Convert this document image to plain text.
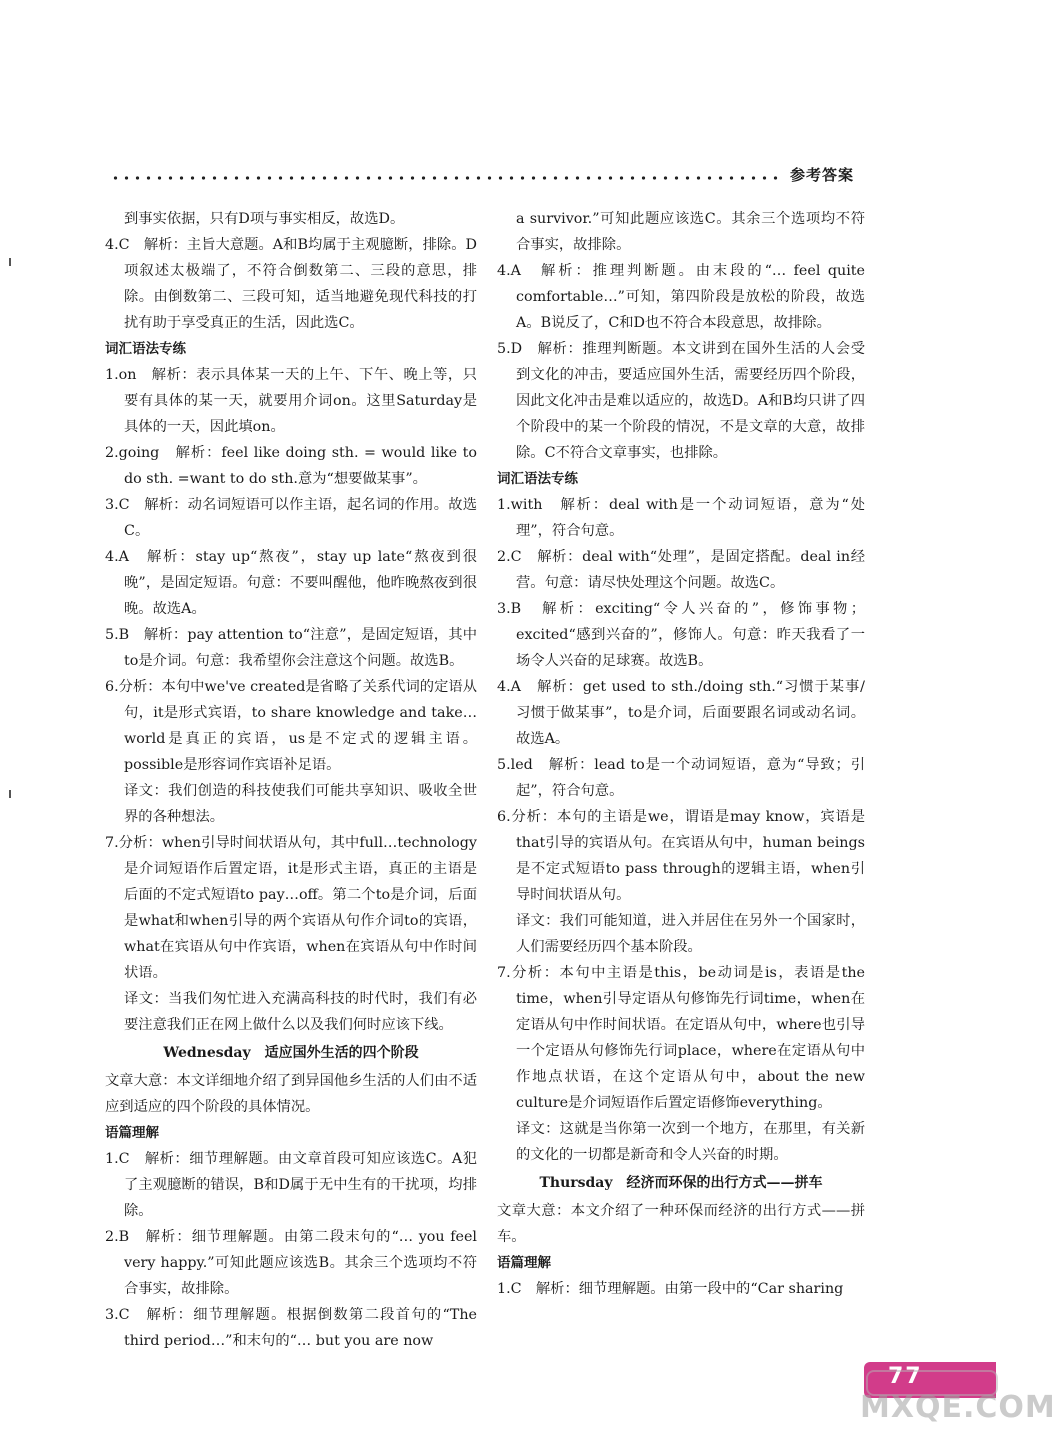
参考答案

到事实依据，只有D项与事实相反，故选D。

4.C　解析：主旨大意题。A和B均属于主观臆断，排除。D项叙述太极端了，不符合倒数第二、三段的意思，排除。由倒数第二、三段可知，适当地避免现代科技的打扰有助于享受真正的生活，因此选C。

词汇语法专练

1.on　解析：表示具体某一天的上午、下午、晚上等，只要有具体的某一天，就要用介词on。这里Saturday是具体的一天，因此填on。

2.going　解析：feel like doing sth. = would like to do sth. =want to do sth.意为“想要做某事”。

3.C　解析：动名词短语可以作主语，起名词的作用。故选C。

4.A　解析：stay up“熬夜”，stay up late“熬夜到很晚”，是固定短语。句意：不要叫醒他，他昨晚熬夜到很晚。故选A。

5.B　解析：pay attention to“注意”，是固定短语，其中to是介词。句意：我希望你会注意这个问题。故选B。

6.分析：本句中we've created是省略了关系代词的定语从句，it是形式宾语，to share knowledge and take…world是真正的宾语，us是不定式的逻辑主语。possible是形容词作宾语补足语。

译文：我们创造的科技使我们可能共享知识、吸收全世界的各种想法。

7.分析：when引导时间状语从句，其中full…technology是介词短语作后置定语，it是形式主语，真正的主语是后面的不定式短语to pay…off。第二个to是介词，后面是what和when引导的两个宾语从句作介词to的宾语，what在宾语从句中作宾语，when在宾语从句中作时间状语。

译文：当我们匆忙进入充满高科技的时代时，我们有必要注意我们正在网上做什么以及我们何时应该下线。

Wednesday　适应国外生活的四个阶段

文章大意：本文详细地介绍了到异国他乡生活的人们由不适应到适应的四个阶段的具体情况。

语篇理解

1.C　解析：细节理解题。由文章首段可知应该选C。A犯了主观臆断的错误，B和D属于无中生有的干扰项，均排除。

2.B　解析：细节理解题。由第二段末句的“… you feel very happy.”可知此题应该选B。其余三个选项均不符合事实，故排除。

3.C　解析：细节理解题。根据倒数第二段首句的“The third period…”和末句的“… but you are now

a survivor.”可知此题应该选C。其余三个选项均不符合事实，故排除。

4.A　解析：推理判断题。由末段的“… feel quite comfortable…”可知，第四阶段是放松的阶段，故选A。B说反了，C和D也不符合本段意思，故排除。

5.D　解析：推理判断题。本文讲到在国外生活的人会受到文化的冲击，要适应国外生活，需要经历四个阶段，因此文化冲击是难以适应的，故选D。A和B均只讲了四个阶段中的某一个阶段的情况，不是文章的大意，故排除。C不符合文章事实，也排除。

词汇语法专练

1.with　解析：deal with是一个动词短语，意为“处理”，符合句意。

2.C　解析：deal with“处理”，是固定搭配。deal in经营。句意：请尽快处理这个问题。故选C。

3.B　解析：exciting“令人兴奋的”，修饰事物；excited“感到兴奋的”，修饰人。句意：昨天我看了一场令人兴奋的足球赛。故选B。

4.A　解析：get used to sth./doing sth.“习惯于某事/习惯于做某事”，to是介词，后面要跟名词或动名词。故选A。

5.led　解析：lead to是一个动词短语，意为“导致；引起”，符合句意。

6.分析：本句的主语是we，谓语是may know，宾语是that引导的宾语从句。在宾语从句中，human beings是不定式短语to pass through的逻辑主语，when引导时间状语从句。

译文：我们可能知道，进入并居住在另外一个国家时，人们需要经历四个基本阶段。

7.分析：本句中主语是this，be动词是is，表语是the time，when引导定语从句修饰先行词time，when在定语从句中作时间状语。在定语从句中，where也引导一个定语从句修饰先行词place，where在定语从句中作地点状语，在这个定语从句中，about the new culture是介词短语作后置定语修饰everything。

译文：这就是当你第一次到一个地方，在那里，有关新的文化的一切都是新奇和令人兴奋的时期。

Thursday　经济而环保的出行方式——拼车

文章大意：本文介绍了一种环保而经济的出行方式——拼车。

语篇理解

1.C　解析：细节理解题。由第一段中的“Car sharing

77
MXQE.COM
